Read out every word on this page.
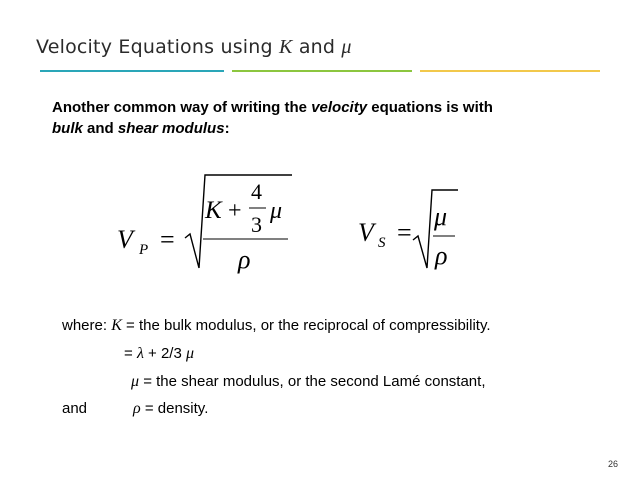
Velocity Equations using K and μ
Another common way of writing the velocity equations is with
bulk and shear modulus:
V P =
K +
4
3
μ
ρ
V S =
μ
ρ
where: K = the bulk modulus, or the reciprocal of compressibility.
= λ + 2/3 μ
μ = the shear modulus, or the second Lamé constant,
and	ρ = density.
26
